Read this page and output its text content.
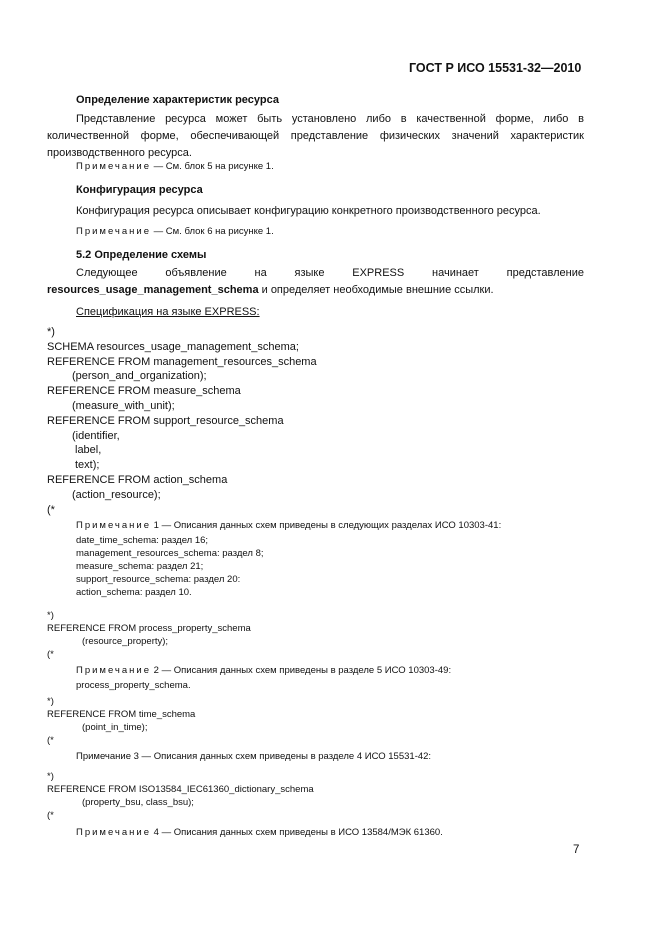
ГОСТ Р ИСО 15531-32—2010
Определение характеристик ресурса
Представление ресурса может быть установлено либо в качественной форме, либо в количественной форме, обеспечивающей представление физических значений характеристик производственного ресурса.
Примечание — См. блок 5 на рисунке 1.
Конфигурация ресурса
Конфигурация ресурса описывает конфигурацию конкретного производственного ресурса.
Примечание — См. блок 6 на рисунке 1.
5.2 Определение схемы
Следующее объявление на языке EXPRESS начинает представление resources_usage_management_schema и определяет необходимые внешние ссылки.
Спецификация на языке EXPRESS:
*)
SCHEMA resources_usage_management_schema;
REFERENCE FROM management_resources_schema
(person_and_organization);
REFERENCE FROM measure_schema
(measure_with_unit);
REFERENCE FROM support_resource_schema
(identifier,
label,
text);
REFERENCE FROM action_schema
(action_resource);
(*
Примечание 1 — Описания данных схем приведены в следующих разделах ИСО 10303-41:
date_time_schema: раздел 16;
management_resources_schema: раздел 8;
measure_schema: раздел 21;
support_resource_schema: раздел 20:
action_schema: раздел 10.
*)
REFERENCE FROM process_property_schema
(resource_property);
(*
Примечание 2 — Описания данных схем приведены в разделе 5 ИСО 10303-49:
process_property_schema.
*)
REFERENCE FROM time_schema
(point_in_time);
(*
Примечание 3 — Описания данных схем приведены в разделе 4 ИСО 15531-42:
*)
REFERENCE FROM ISO13584_IEC61360_dictionary_schema
(property_bsu, class_bsu);
(*
Примечание 4 — Описания данных схем приведены в ИСО 13584/МЭК 61360.
7
